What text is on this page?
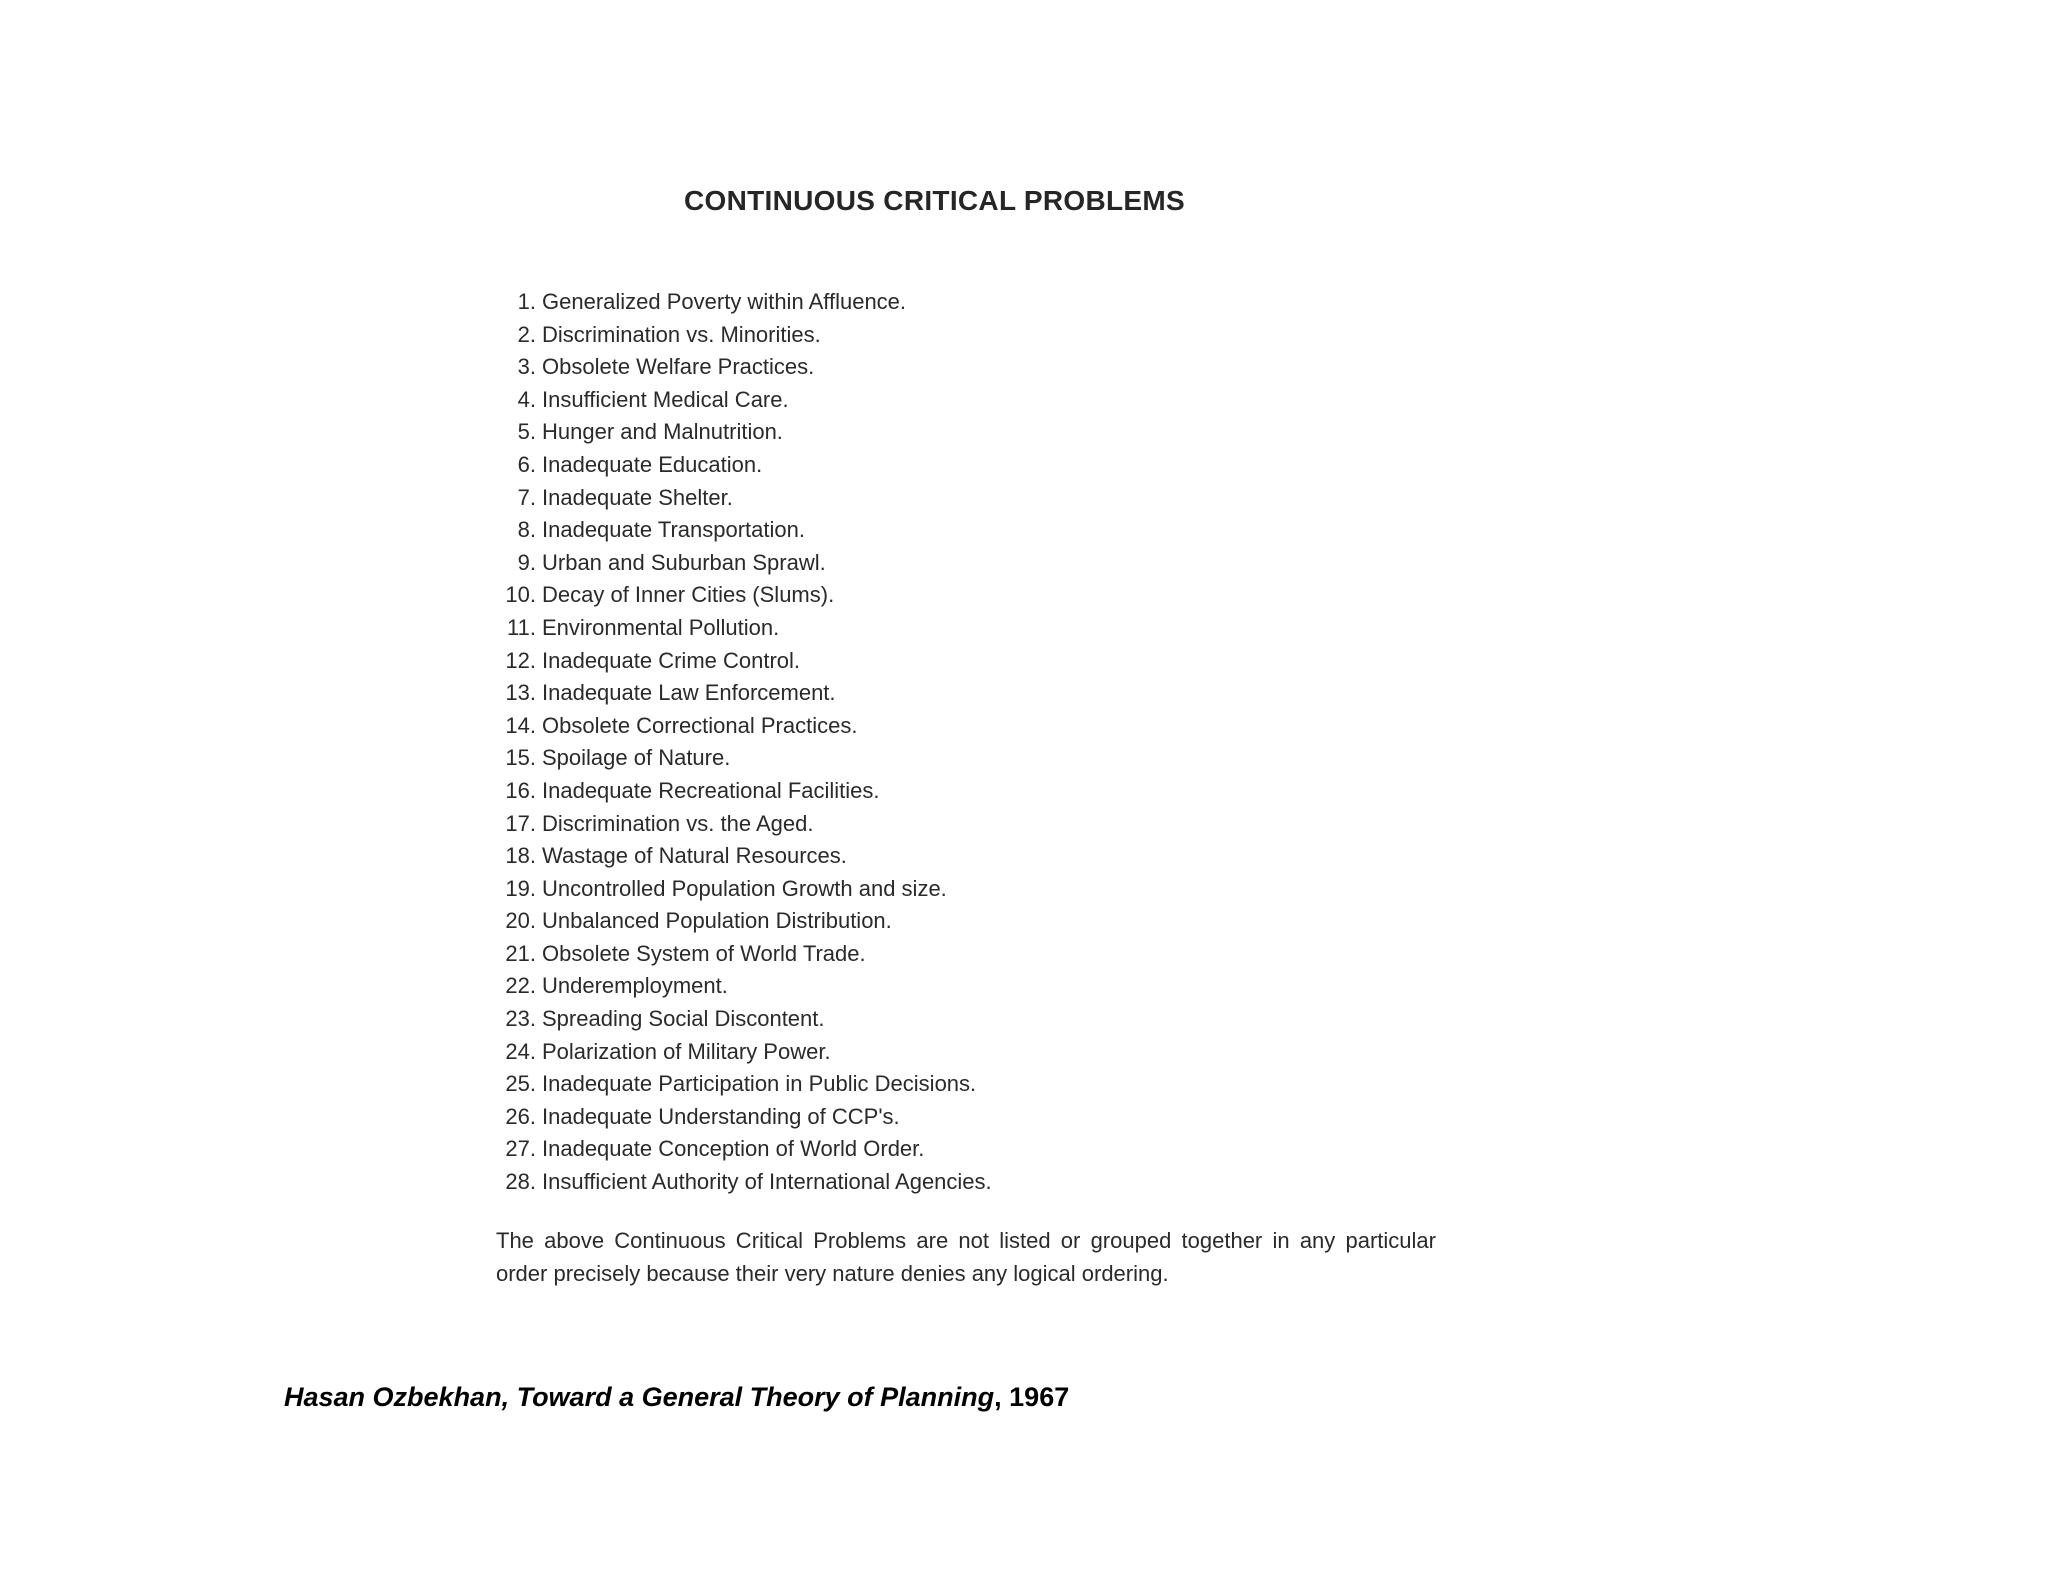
CONTINUOUS CRITICAL PROBLEMS
1. Generalized Poverty within Affluence.
2. Discrimination vs. Minorities.
3. Obsolete Welfare Practices.
4. Insufficient Medical Care.
5. Hunger and Malnutrition.
6. Inadequate Education.
7. Inadequate Shelter.
8. Inadequate Transportation.
9. Urban and Suburban Sprawl.
10. Decay of Inner Cities (Slums).
11. Environmental Pollution.
12. Inadequate Crime Control.
13. Inadequate Law Enforcement.
14. Obsolete Correctional Practices.
15. Spoilage of Nature.
16. Inadequate Recreational Facilities.
17. Discrimination vs. the Aged.
18. Wastage of Natural Resources.
19. Uncontrolled Population Growth and size.
20. Unbalanced Population Distribution.
21. Obsolete System of World Trade.
22. Underemployment.
23. Spreading Social Discontent.
24. Polarization of Military Power.
25. Inadequate Participation in Public Decisions.
26. Inadequate Understanding of CCP's.
27. Inadequate Conception of World Order.
28. Insufficient Authority of International Agencies.

The above Continuous Critical Problems are not listed or grouped together in any particular order precisely because their very nature denies any logical ordering.

Hasan Ozbekhan, Toward a General Theory of Planning, 1967
